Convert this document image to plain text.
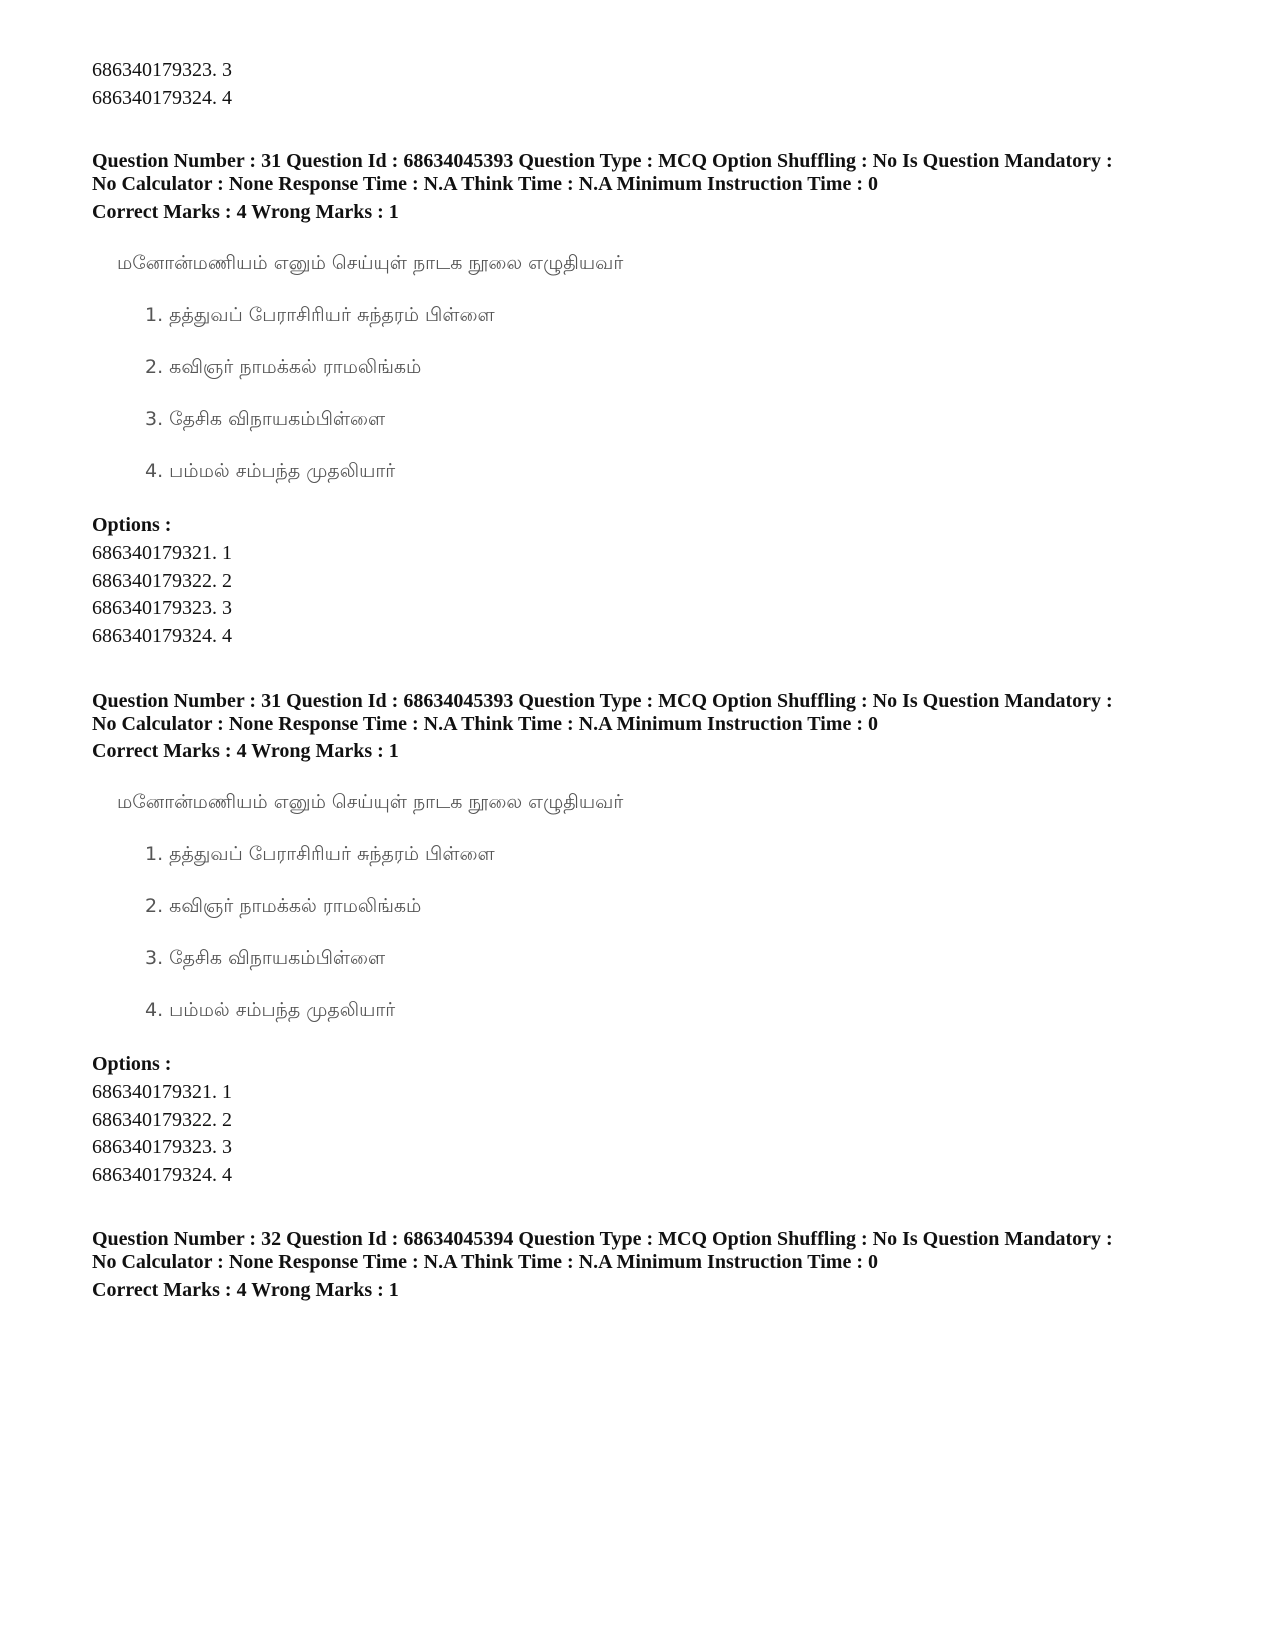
686340179323. 3
686340179324. 4
Question Number : 31 Question Id : 68634045393 Question Type : MCQ Option Shuffling : No Is Question Mandatory :
No Calculator : None Response Time : N.A Think Time : N.A Minimum Instruction Time : 0
Correct Marks : 4 Wrong Marks : 1
மனோன்மணியம் எனும் செய்யுள் நாடக நூலை எழுதியவர்
1. தத்துவப் பேராசிரியர் சுந்தரம் பிள்ளை
2. கவிஞர் நாமக்கல் ராமலிங்கம்
3. தேசிக விநாயகம்பிள்ளை
4. பம்மல் சம்பந்த முதலியார்
Options :
686340179321. 1
686340179322. 2
686340179323. 3
686340179324. 4
Question Number : 31 Question Id : 68634045393 Question Type : MCQ Option Shuffling : No Is Question Mandatory :
No Calculator : None Response Time : N.A Think Time : N.A Minimum Instruction Time : 0
Correct Marks : 4 Wrong Marks : 1
மனோன்மணியம் எனும் செய்யுள் நாடக நூலை எழுதியவர்
1. தத்துவப் பேராசிரியர் சுந்தரம் பிள்ளை
2. கவிஞர் நாமக்கல் ராமலிங்கம்
3. தேசிக விநாயகம்பிள்ளை
4. பம்மல் சம்பந்த முதலியார்
Options :
686340179321. 1
686340179322. 2
686340179323. 3
686340179324. 4
Question Number : 32 Question Id : 68634045394 Question Type : MCQ Option Shuffling : No Is Question Mandatory :
No Calculator : None Response Time : N.A Think Time : N.A Minimum Instruction Time : 0
Correct Marks : 4 Wrong Marks : 1
